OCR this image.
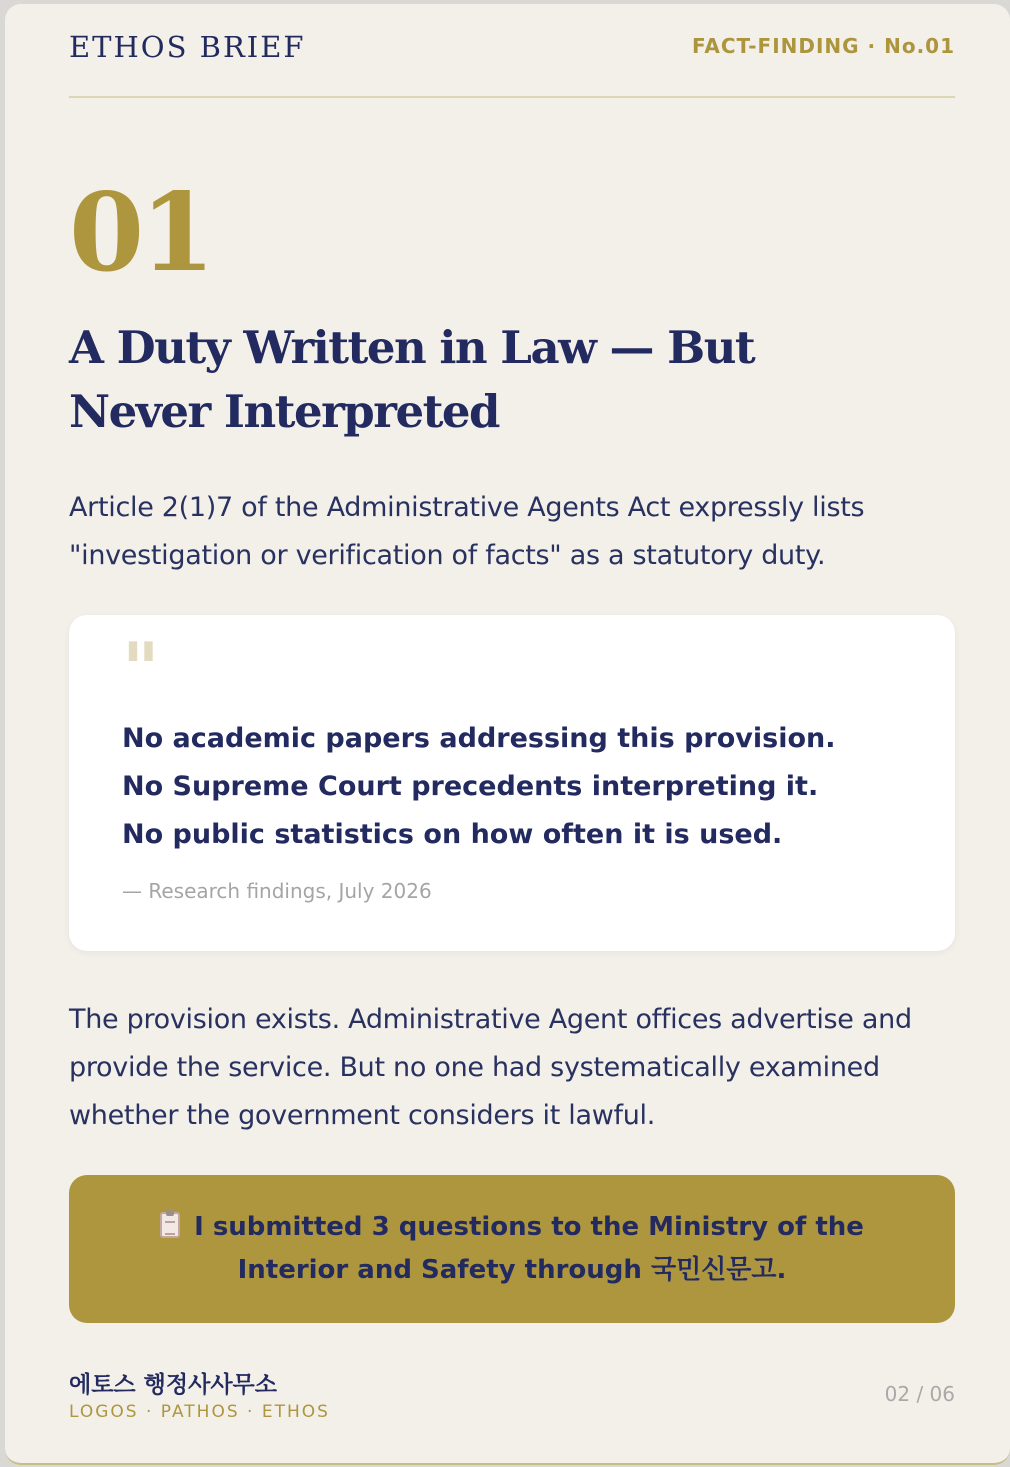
ETHOS BRIEF	FACT-FINDING · No.01
01
A Duty Written in Law — But Never Interpreted
Article 2(1)7 of the Administrative Agents Act expressly lists "investigation or verification of facts" as a statutory duty.
"
No academic papers addressing this provision.
No Supreme Court precedents interpreting it.
No public statistics on how often it is used.
— Research findings, July 2026
The provision exists. Administrative Agent offices advertise and provide the service. But no one had systematically examined whether the government considers it lawful.
I submitted 3 questions to the Ministry of the Interior and Safety through 국민신문고.
에토스 행정사사무소
LOGOS · PATHOS · ETHOS
02 / 06
